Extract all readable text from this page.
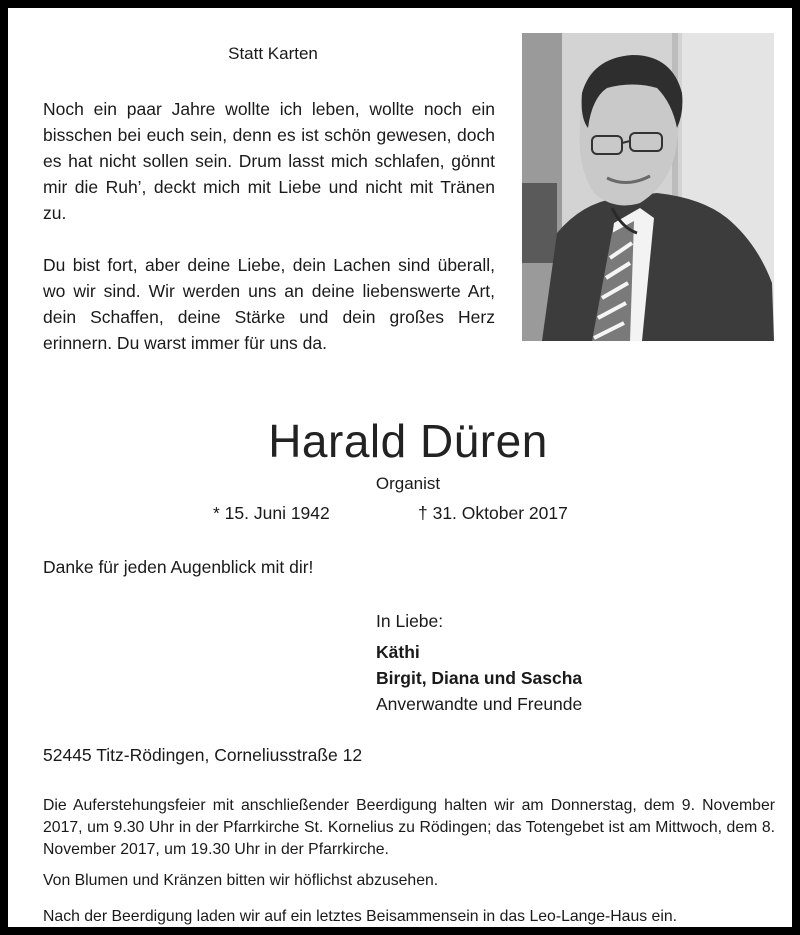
Statt Karten
Noch ein paar Jahre wollte ich leben, wollte noch ein bisschen bei euch sein, denn es ist schön gewesen, doch es hat nicht sollen sein. Drum lasst mich schlafen, gönnt mir die Ruh’, deckt mich mit Liebe und nicht mit Tränen zu.
Du bist fort, aber deine Liebe, dein Lachen sind überall, wo wir sind. Wir werden uns an deine liebenswerte Art, dein Schaffen, deine Stärke und dein großes Herz erinnern. Du warst immer für uns da.
Harald Düren
Organist
* 15. Juni 1942	† 31. Oktober 2017
Danke für jeden Augenblick mit dir!
In Liebe:
Käthi
Birgit, Diana und Sascha
Anverwandte und Freunde
52445 Titz-Rödingen, Corneliusstraße 12
Die Auferstehungsfeier mit anschließender Beerdigung halten wir am Donnerstag, dem 9. November 2017, um 9.30 Uhr in der Pfarrkirche St. Kornelius zu Rödingen; das Totengebet ist am Mittwoch, dem 8. November 2017, um 19.30 Uhr in der Pfarrkirche.
Von Blumen und Kränzen bitten wir höflichst abzusehen.
Nach der Beerdigung laden wir auf ein letztes Beisammensein in das Leo-Lange-Haus ein.
